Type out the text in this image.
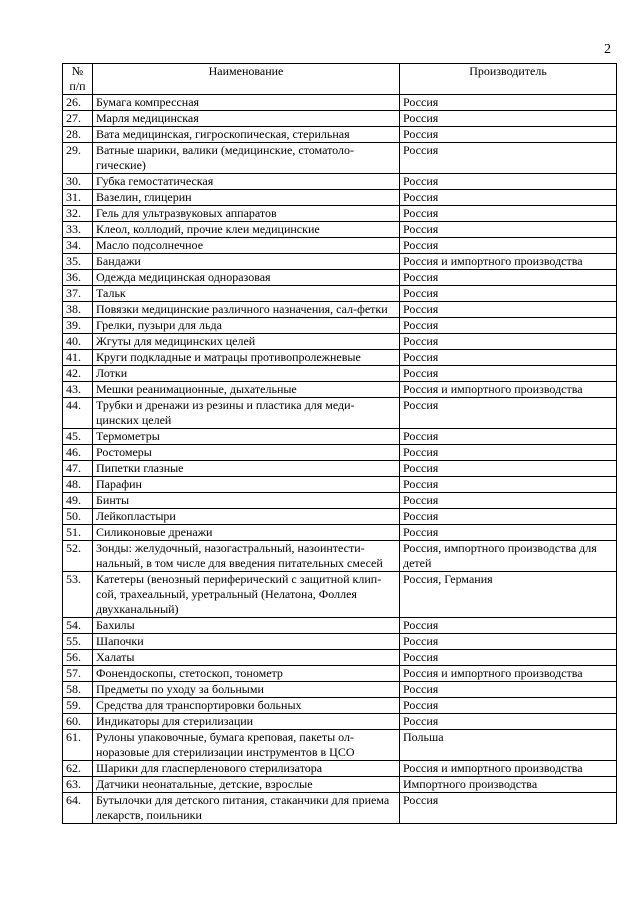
2
№ п/п	Наименование	Производитель
26.	Бумага компрессная	Россия
27.	Марля медицинская	Россия
28.	Вата медицинская, гигроскопическая, стерильная	Россия
29.	Ватные шарики, валики (медицинские, стоматоло-гические)	Россия
30.	Губка гемостатическая	Россия
31.	Вазелин, глицерин	Россия
32.	Гель для ультразвуковых аппаратов	Россия
33.	Клеол, коллодий, прочие клеи медицинские	Россия
34.	Масло подсолнечное	Россия
35.	Бандажи	Россия и импортного производства
36.	Одежда медицинская одноразовая	Россия
37.	Тальк	Россия
38.	Повязки медицинские различного назначения, сал-фетки	Россия
39.	Грелки, пузыри для льда	Россия
40.	Жгуты для медицинских целей	Россия
41.	Круги подкладные и матрацы противопролежневые	Россия
42.	Лотки	Россия
43.	Мешки реанимационные, дыхательные	Россия и импортного производства
44.	Трубки и дренажи из резины и пластика для меди-цинских целей	Россия
45.	Термометры	Россия
46.	Ростомеры	Россия
47.	Пипетки глазные	Россия
48.	Парафин	Россия
49.	Бинты	Россия
50.	Лейкопластыри	Россия
51.	Силиконовые дренажи	Россия
52.	Зонды: желудочный, назогастральный, назоинтести-нальный, в том числе для введения питательных смесей	Россия, импортного производства для детей
53.	Катетеры (венозный периферический с защитной клип-сой, трахеальный, уретральный (Нелатона, Фоллея двухканальный)	Россия, Германия
54.	Бахилы	Россия
55.	Шапочки	Россия
56.	Халаты	Россия
57.	Фонендоскопы, стетоскоп, тонометр	Россия и импортного производства
58.	Предметы по уходу за больными	Россия
59.	Средства для транспортировки больных	Россия
60.	Индикаторы для стерилизации	Россия
61.	Рулоны упаковочные, бумага креповая, пакеты ол-норазовые для стерилизации инструментов в ЦСО	Польша
62.	Шарики для гласперленового стерилизатора	Россия и импортного производства
63.	Датчики неонатальные, детские, взрослые	Импортного производства
64.	Бутылочки для детского питания, стаканчики для приема лекарств, поильники	Россия
